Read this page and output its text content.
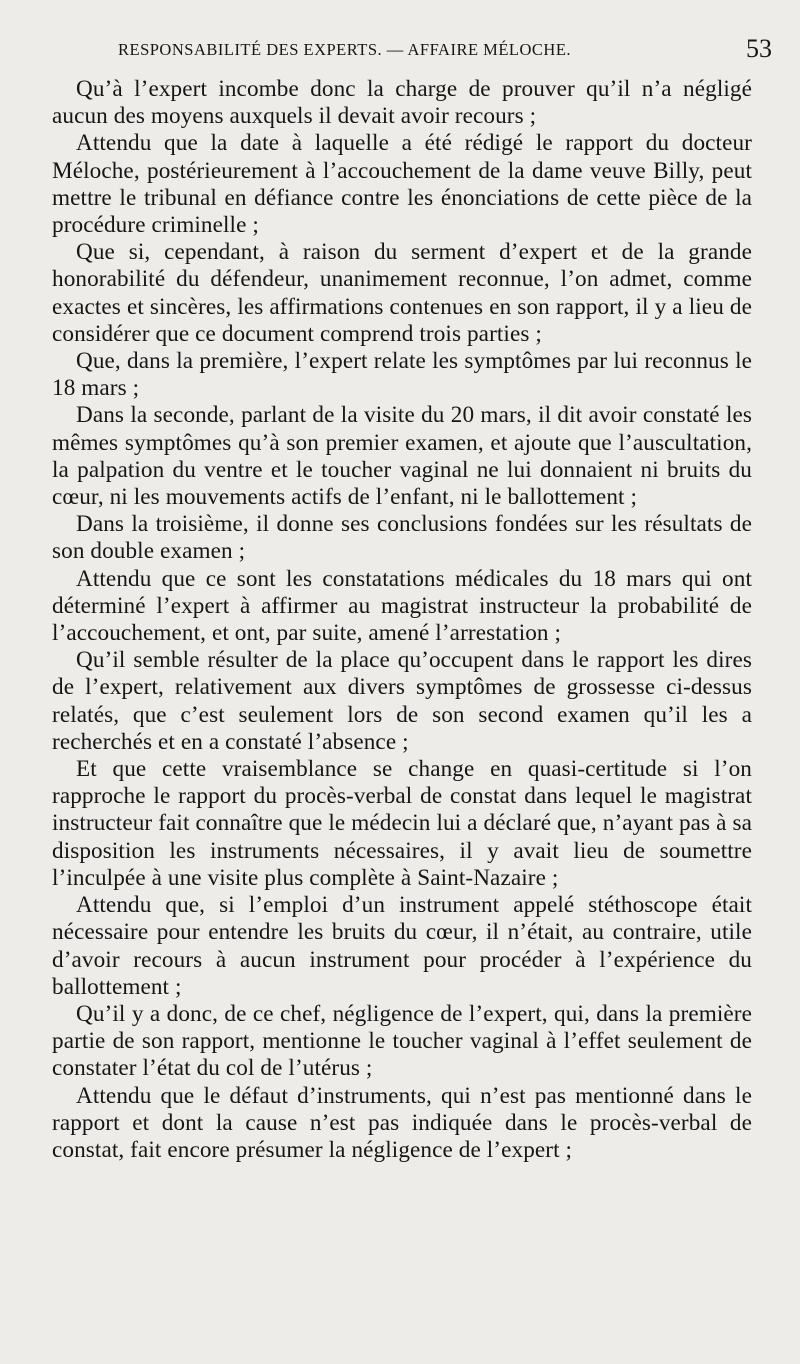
RESPONSABILITÉ DES EXPERTS. — AFFAIRE MÉLOCHE.	53

Qu’à l’expert incombe donc la charge de prouver qu’il n’a négligé aucun des moyens auxquels il devait avoir recours ;

Attendu que la date à laquelle a été rédigé le rapport du docteur Méloche, postérieurement à l’accouchement de la dame veuve Billy, peut mettre le tribunal en défiance contre les énonciations de cette pièce de la procédure criminelle ;

Que si, cependant, à raison du serment d’expert et de la grande honorabilité du défendeur, unanimement reconnue, l’on admet, comme exactes et sincères, les affirmations contenues en son rapport, il y a lieu de considérer que ce document comprend trois parties ;

Que, dans la première, l’expert relate les symptômes par lui reconnus le 18 mars ;

Dans la seconde, parlant de la visite du 20 mars, il dit avoir constaté les mêmes symptômes qu’à son premier examen, et ajoute que l’auscultation, la palpation du ventre et le toucher vaginal ne lui donnaient ni bruits du cœur, ni les mouvements actifs de l’enfant, ni le ballottement ;

Dans la troisième, il donne ses conclusions fondées sur les résultats de son double examen ;

Attendu que ce sont les constatations médicales du 18 mars qui ont déterminé l’expert à affirmer au magistrat instructeur la probabilité de l’accouchement, et ont, par suite, amené l’arrestation ;

Qu’il semble résulter de la place qu’occupent dans le rapport les dires de l’expert, relativement aux divers symptômes de grossesse ci-dessus relatés, que c’est seulement lors de son second examen qu’il les a recherchés et en a constaté l’absence ;

Et que cette vraisemblance se change en quasi-certitude si l’on rapproche le rapport du procès-verbal de constat dans lequel le magistrat instructeur fait connaître que le médecin lui a déclaré que, n’ayant pas à sa disposition les instruments nécessaires, il y avait lieu de soumettre l’inculpée à une visite plus complète à Saint-Nazaire ;

Attendu que, si l’emploi d’un instrument appelé stéthoscope était nécessaire pour entendre les bruits du cœur, il n’était, au contraire, utile d’avoir recours à aucun instrument pour procéder à l’expérience du ballottement ;

Qu’il y a donc, de ce chef, négligence de l’expert, qui, dans la première partie de son rapport, mentionne le toucher vaginal à l’effet seulement de constater l’état du col de l’utérus ;

Attendu que le défaut d’instruments, qui n’est pas mentionné dans le rapport et dont la cause n’est pas indiquée dans le procès-verbal de constat, fait encore présumer la négligence de l’expert ;
